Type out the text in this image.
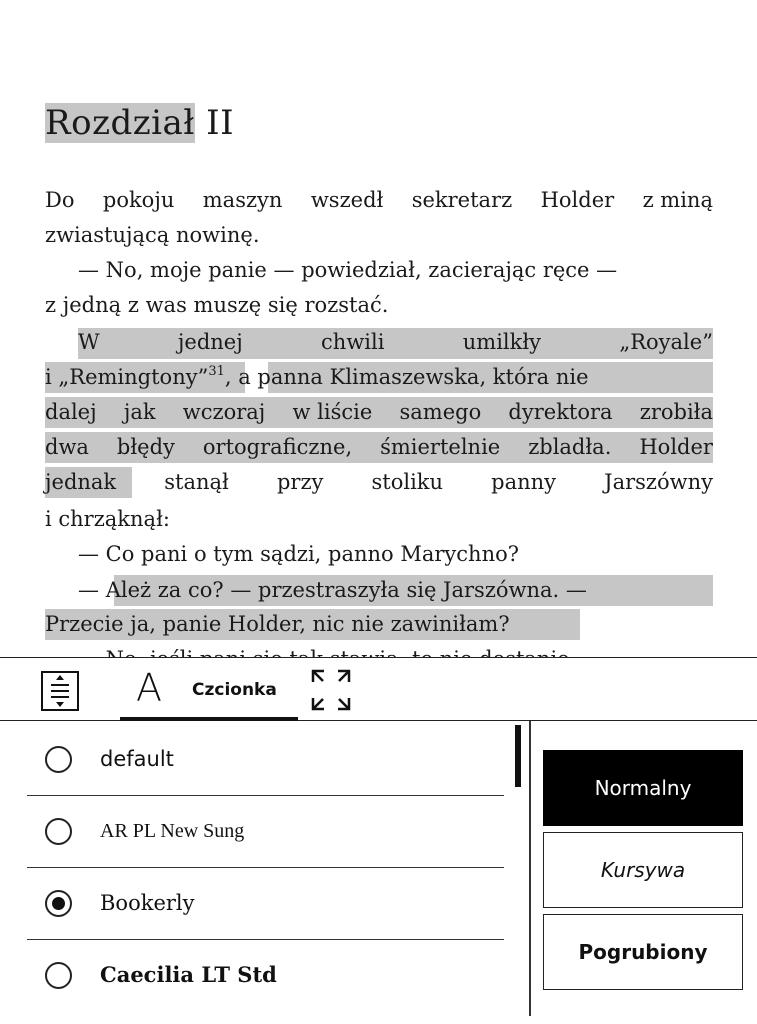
Rozdział II
Do pokoju maszyn wszedł sekretarz Holder z miną
zwiastującą nowinę.
— No, moje panie — powiedział, zacierając ręce —
z jedną z was muszę się rozstać.
W	jednej	chwili	umilkły	„Royale”
i „Remingtony”$^{31}$, a panna Klimaszewska, która nie
dalej jak wczoraj w liście samego dyrektora zrobiła
dwa błędy ortograficzne, śmiertelnie zbladła. Holder
jednak stanął przy stoliku panny Jarszówny
i chrząknął:
— Co pani o tym sądzi, panno Marychno?
— Ależ za co? — przestraszyła się Jarszówna. —
Przecie ja, panie Holder, nic nie zawiniłam?
A Czcionka
default
AR PL New Sung
Bookerly
Caecilia LT Std
Normalny
Kursywa
Pogrubiony
